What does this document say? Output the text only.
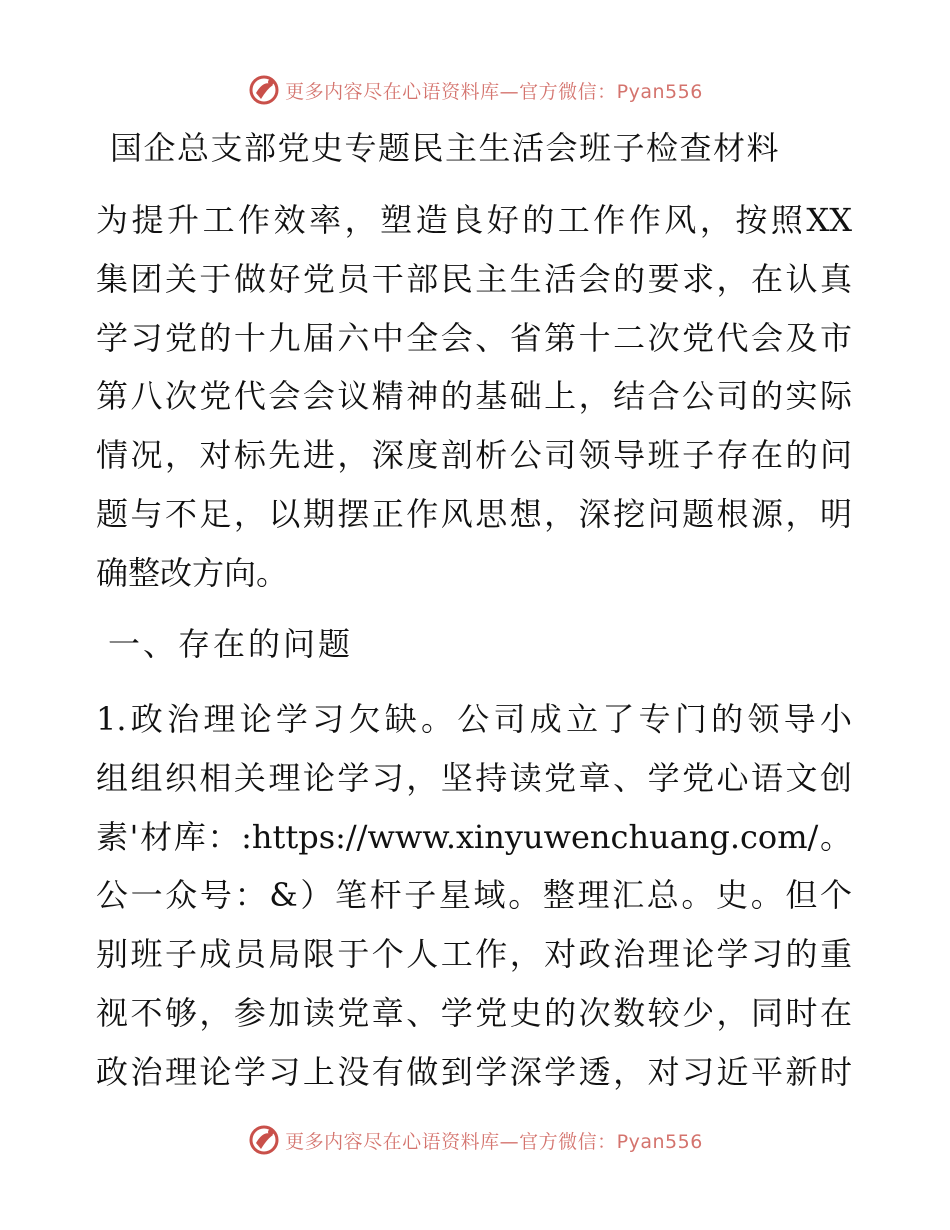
更多内容尽在心语资料库—官方微信：Pyan556
国企总支部党史专题民主生活会班子检查材料
为提升工作效率，塑造良好的工作作风，按照XX
集团关于做好党员干部民主生活会的要求，在认真
学习党的十九届六中全会、省第十二次党代会及市
第八次党代会会议精神的基础上，结合公司的实际
情况，对标先进，深度剖析公司领导班子存在的问
题与不足，以期摆正作风思想，深挖问题根源，明
确整改方向。
一、存在的问题
1.政治理论学习欠缺。公司成立了专门的领导小
组组织相关理论学习，坚持读党章、学党心语文创
素'材库：:https://www.xinyuwenchuang.com/。
公一众号：&）笔杆子星域。整理汇总。史。但个
别班子成员局限于个人工作，对政治理论学习的重
视不够，参加读党章、学党史的次数较少，同时在
政治理论学习上没有做到学深学透，对习近平新时
更多内容尽在心语资料库—官方微信：Pyan556
